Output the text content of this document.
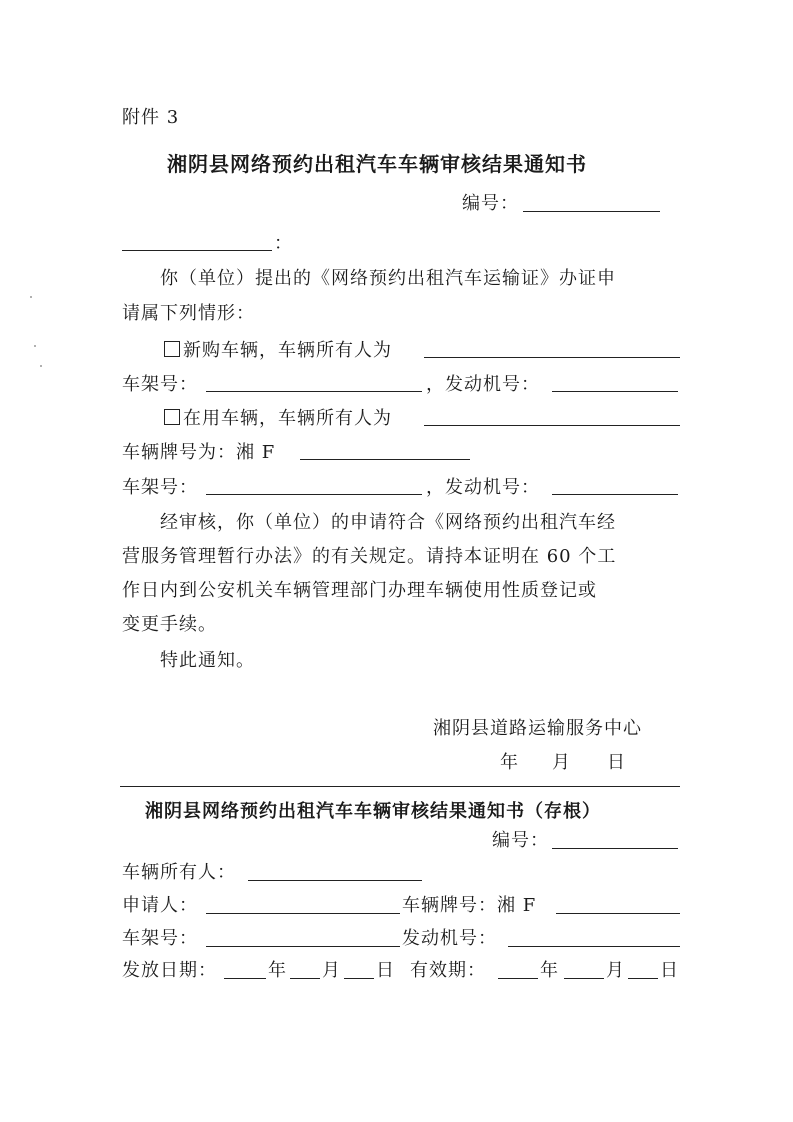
附件 3
湘阴县网络预约出租汽车车辆审核结果通知书
编号：
：
你（单位）提出的《网络预约出租汽车运输证》办证申
请属下列情形：
新购车辆，车辆所有人为
车架号：	，发动机号：
在用车辆，车辆所有人为
车辆牌号为：湘 F
车架号：	，发动机号：
经审核，你（单位）的申请符合《网络预约出租汽车经
营服务管理暂行办法》的有关规定。请持本证明在 60 个工
作日内到公安机关车辆管理部门办理车辆使用性质登记或
变更手续。
特此通知。
湘阴县道路运输服务中心
年 月 日
湘阴县网络预约出租汽车车辆审核结果通知书（存根）
编号：
车辆所有人：
申请人：	车辆牌号：湘 F
车架号：	发动机号：
发放日期：	年 月 日 有效期：	年	月 日
